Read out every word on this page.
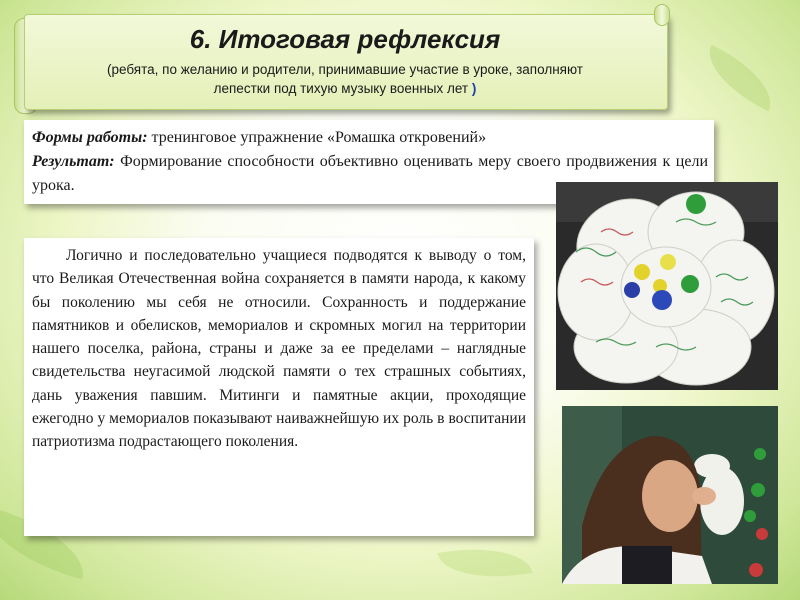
6. Итоговая рефлексия
(ребята, по желанию и родители, принимавшие участие в уроке, заполняют
лепестки под тихую музыку военных лет )
Формы работы: тренинговое упражнение «Ромашка откровений»
Результат: Формирование способности объективно оценивать меру своего продвижения к цели урока.
Логично и последовательно учащиеся подводятся к выводу о том, что Великая Отечественная война сохраняется в памяти народа, к какому бы поколению мы себя не относили. Сохранность и поддержание памятников и обелисков, мемориалов и скромных могил на территории нашего поселка, района, страны и даже за ее пределами – наглядные свидетельства неугасимой людской памяти о тех страшных событиях, дань уважения павшим. Митинги и памятные акции, проходящие ежегодно у мемориалов показывают наиважнейшую их роль в воспитании патриотизма подрастающего поколения.
